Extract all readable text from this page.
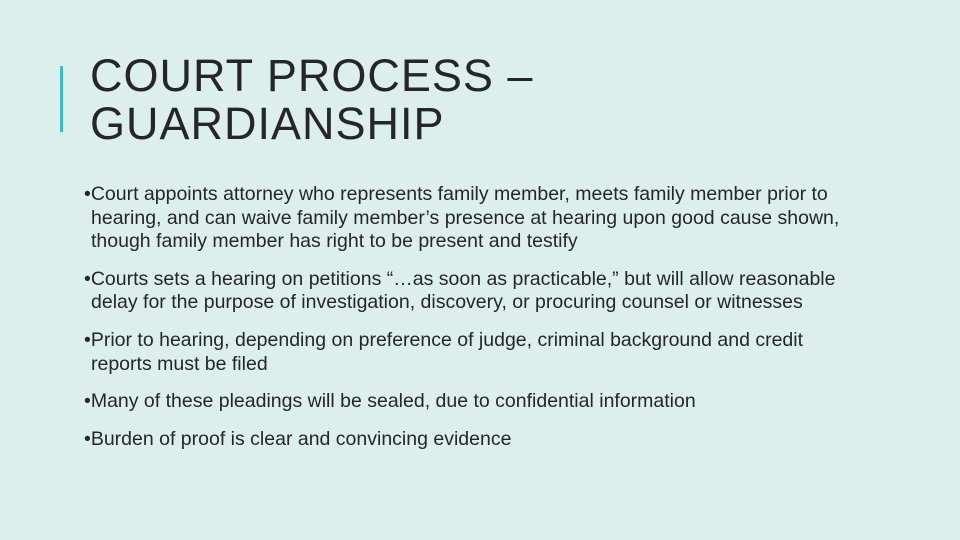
COURT PROCESS –
GUARDIANSHIP
•Court appoints attorney who represents family member, meets family member prior to hearing, and can waive family member’s presence at hearing upon good cause shown, though family member has right to be present and testify
•Courts sets a hearing on petitions “…as soon as practicable,” but will allow reasonable delay for the purpose of investigation, discovery, or procuring counsel or witnesses
•Prior to hearing, depending on preference of judge, criminal background and credit reports must be filed
•Many of these pleadings will be sealed, due to confidential information
•Burden of proof is clear and convincing evidence
